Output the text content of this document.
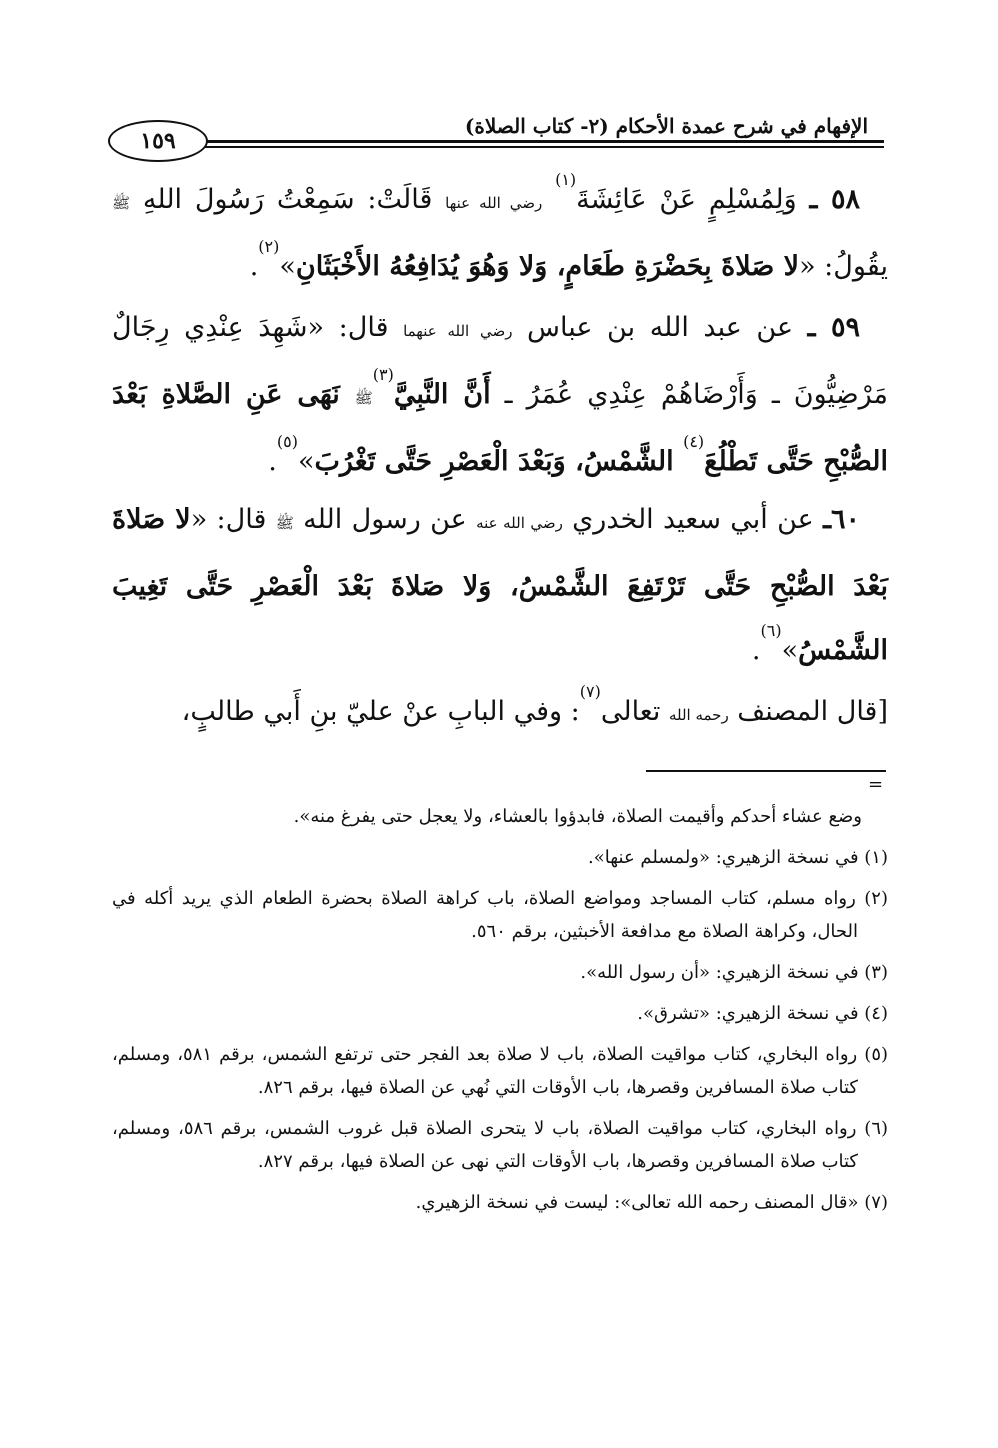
الإفهام في شرح عمدة الأحكام (٢- كتاب الصلاة)
١٥٩

٥٨ ـ وَلِمُسْلِمٍ عَنْ عَائِشَةَ$^{(١)}$ رضي الله عنها قَالَتْ: سَمِعْتُ رَسُولَ اللهِ ﷺ يقُولُ: «لا صَلاةَ بِحَضْرَةِ طَعَامٍ، وَلا وَهُوَ يُدَافِعُهُ الأَخْبَثَانِ»$^{(٢)}$.

٥٩ ـ عن عبد الله بن عباس رضي الله عنهما قال: «شَهِدَ عِنْدِي رِجَالٌ مَرْضِيُّونَ ـ وَأَرْضَاهُمْ عِنْدِي عُمَرُ ـ أَنَّ النَّبِيَّ$^{(٣)}$ﷺ نَهَى عَنِ الصَّلاةِ بَعْدَ الصُّبْحِ حَتَّى تَطْلُعَ$^{(٤)}$ الشَّمْسُ، وَبَعْدَ الْعَصْرِ حَتَّى تَغْرُبَ»$^{(٥)}$.

٦٠ـ عن أبي سعيد الخدري رضي الله عنه عن رسول الله ﷺ قال: «لا صَلاةَ بَعْدَ الصُّبْحِ حَتَّى تَرْتَفِعَ الشَّمْسُ، وَلا صَلاةَ بَعْدَ الْعَصْرِ حَتَّى تَغِيبَ الشَّمْسُ»$^{(٦)}$.

[قال المصنف رحمه الله تعالى$^{(٧)}$: وفي البابِ عنْ عليّ بنِ أَبي طالبٍ،

=

وضع عشاء أحدكم وأقيمت الصلاة، فابدؤوا بالعشاء، ولا يعجل حتى يفرغ منه».

(١) في نسخة الزهيري: «ولمسلم عنها».

(٢) رواه مسلم، كتاب المساجد ومواضع الصلاة، باب كراهة الصلاة بحضرة الطعام الذي يريد أكله في الحال، وكراهة الصلاة مع مدافعة الأخبثين، برقم ٥٦٠.

(٣) في نسخة الزهيري: «أن رسول الله».

(٤) في نسخة الزهيري: «تشرق».

(٥) رواه البخاري، كتاب مواقيت الصلاة، باب لا صلاة بعد الفجر حتى ترتفع الشمس، برقم ٥٨١، ومسلم، كتاب صلاة المسافرين وقصرها، باب الأوقات التي نُهي عن الصلاة فيها، برقم ٨٢٦.

(٦) رواه البخاري، كتاب مواقيت الصلاة، باب لا يتحرى الصلاة قبل غروب الشمس، برقم ٥٨٦، ومسلم، كتاب صلاة المسافرين وقصرها، باب الأوقات التي نهى عن الصلاة فيها، برقم ٨٢٧.

(٧) «قال المصنف رحمه الله تعالى»: ليست في نسخة الزهيري.
